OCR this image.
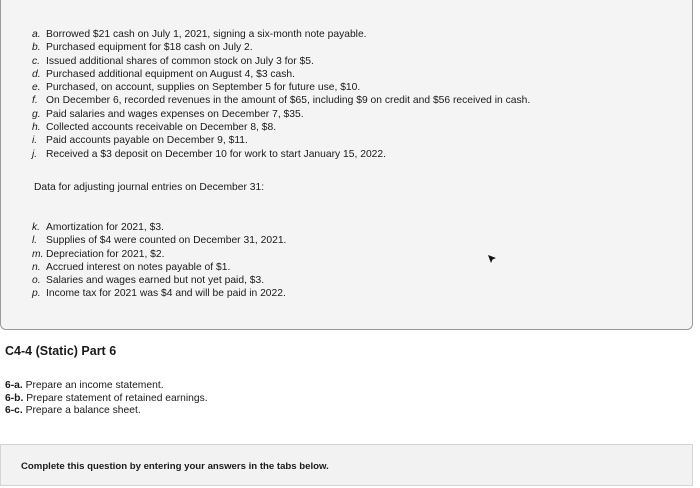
a. Borrowed $21 cash on July 1, 2021, signing a six-month note payable.
b. Purchased equipment for $18 cash on July 2.
c. Issued additional shares of common stock on July 3 for $5.
d. Purchased additional equipment on August 4, $3 cash.
e. Purchased, on account, supplies on September 5 for future use, $10.
f. On December 6, recorded revenues in the amount of $65, including $9 on credit and $56 received in cash.
g. Paid salaries and wages expenses on December 7, $35.
h. Collected accounts receivable on December 8, $8.
i. Paid accounts payable on December 9, $11.
j. Received a $3 deposit on December 10 for work to start January 15, 2022.

Data for adjusting journal entries on December 31:

k. Amortization for 2021, $3.
l. Supplies of $4 were counted on December 31, 2021.
m. Depreciation for 2021, $2.
n. Accrued interest on notes payable of $1.
o. Salaries and wages earned but not yet paid, $3.
p. Income tax for 2021 was $4 and will be paid in 2022.
C4-4 (Static) Part 6
6-a. Prepare an income statement.
6-b. Prepare statement of retained earnings.
6-c. Prepare a balance sheet.
Complete this question by entering your answers in the tabs below.
